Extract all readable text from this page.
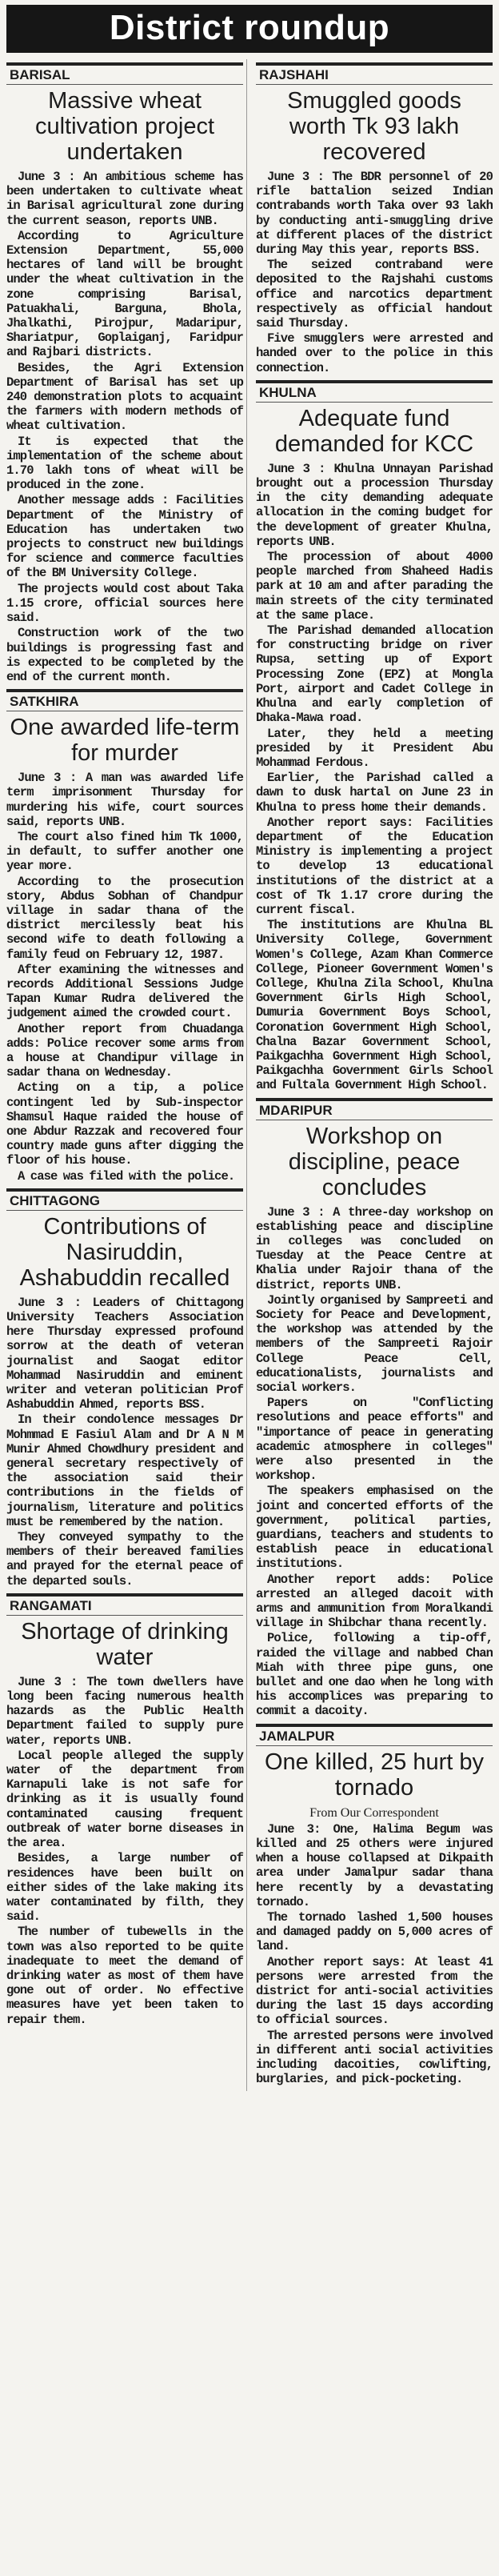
District roundup
BARISAL
Massive wheat cultivation project undertaken

June 3 : An ambitious scheme has been undertaken to cultivate wheat in Barisal agricultural zone during the current season, reports UNB.

According to Agriculture Extension Department, 55,000 hectares of land will be brought under the wheat cultivation in the zone comprising Barisal, Patuakhali, Barguna, Bhola, Jhalkathi, Pirojpur, Madaripur, Shariatpur, Goplaiganj, Faridpur and Rajbari districts.

Besides, the Agri Extension Department of Barisal has set up 240 demonstration plots to acquaint the farmers with modern methods of wheat cultivation.

It is expected that the implementation of the scheme about 1.70 lakh tons of wheat will be produced in the zone.

Another message adds : Facilities Department of the Ministry of Education has undertaken two projects to construct new buildings for science and commerce faculties of the BM University College.

The projects would cost about Taka 1.15 crore, official sources here said.

Construction work of the two buildings is progressing fast and is expected to be completed by the end of the current month.

SATKHIRA
One awarded life-term for murder

June 3 : A man was awarded life term imprisonment Thursday for murdering his wife, court sources said, reports UNB.

The court also fined him Tk 1000, in default, to suffer another one year more.

According to the prosecution story, Abdus Sobhan of Chandpur village in sadar thana of the district mercilessly beat his second wife to death following a family feud on February 12, 1987.

After examining the witnesses and records Additional Sessions Judge Tapan Kumar Rudra delivered the judgement aimed the crowded court.

Another report from Chuadanga adds: Police recover some arms from a house at Chandipur village in sadar thana on Wednesday.

Acting on a tip, a police contingent led by Sub-inspector Shamsul Haque raided the house of one Abdur Razzak and recovered four country made guns after digging the floor of his house.

A case was filed with the police.

CHITTAGONG
Contributions of Nasiruddin, Ashabuddin recalled

June 3 : Leaders of Chittagong University Teachers Association here Thursday expressed profound sorrow at the death of veteran journalist and Saogat editor Mohammad Nasiruddin and eminent writer and veteran politician Prof Ashabuddin Ahmed, reports BSS.

In their condolence messages Dr Mohmmad E Fasiul Alam and Dr A N M Munir Ahmed Chowdhury president and general secretary respectively of the association said their contributions in the fields of journalism, literature and politics must be remembered by the nation.

They conveyed sympathy to the members of their bereaved families and prayed for the eternal peace of the departed souls.

RANGAMATI
Shortage of drinking water

June 3 : The town dwellers have long been facing numerous health hazards as the Public Health Department failed to supply pure water, reports UNB.

Local people alleged the supply water of the department from Karnapuli lake is not safe for drinking as it is usually found contaminated causing frequent outbreak of water borne diseases in the area.

Besides, a large number of residences have been built on either sides of the lake making its water contaminated by filth, they said.

The number of tubewells in the town was also reported to be quite inadequate to meet the demand of drinking water as most of them have gone out of order. No effective measures have yet been taken to repair them.

RAJSHAHI
Smuggled goods worth Tk 93 lakh recovered

June 3 : The BDR personnel of 20 rifle battalion seized Indian contrabands worth Taka over 93 lakh by conducting anti-smuggling drive at different places of the district during May this year, reports BSS.

The seized contraband were deposited to the Rajshahi customs office and narcotics department respectively as official handout said Thursday.

Five smugglers were arrested and handed over to the police in this connection.

KHULNA
Adequate fund demanded for KCC

June 3 : Khulna Unnayan Parishad brought out a procession Thursday in the city demanding adequate allocation in the coming budget for the development of greater Khulna, reports UNB.

The procession of about 4000 people marched from Shaheed Hadis park at 10 am and after parading the main streets of the city terminated at the same place.

The Parishad demanded allocation for constructing bridge on river Rupsa, setting up of Export Processing Zone (EPZ) at Mongla Port, airport and Cadet College in Khulna and early completion of Dhaka-Mawa road.

Later, they held a meeting presided by it President Abu Mohammad Ferdous.

Earlier, the Parishad called a dawn to dusk hartal on June 23 in Khulna to press home their demands.

Another report says: Facilities department of the Education Ministry is implementing a project to develop 13 educational institutions of the district at a cost of Tk 1.17 crore during the current fiscal.

The institutions are Khulna BL University College, Government Women's College, Azam Khan Commerce College, Pioneer Government Women's College, Khulna Zila School, Khulna Government Girls High School, Dumuria Government Boys School, Coronation Government High School, Chalna Bazar Government School, Paikgachha Government High School, Paikgachha Government Girls School and Fultala Government High School.

MDARIPUR
Workshop on discipline, peace concludes

June 3 : A three-day workshop on establishing peace and discipline in colleges was concluded on Tuesday at the Peace Centre at Khalia under Rajoir thana of the district, reports UNB.

Jointly organised by Sampreeti and Society for Peace and Development, the workshop was attended by the members of the Sampreeti Rajoir College Peace Cell, educationalists, journalists and social workers.

Papers on "Conflicting resolutions and peace efforts" and "importance of peace in generating academic atmosphere in colleges" were also presented in the workshop.

The speakers emphasised on the joint and concerted efforts of the government, political parties, guardians, teachers and students to establish peace in educational institutions.

Another report adds: Police arrested an alleged dacoit with arms and ammunition from Moralkandi village in Shibchar thana recently.

Police, following a tip-off, raided the village and nabbed Chan Miah with three pipe guns, one bullet and one dao when he long with his accomplices was preparing to commit a dacoity.

JAMALPUR
One killed, 25 hurt by tornado
From Our Correspondent

June 3: One, Halima Begum was killed and 25 others were injured when a house collapsed at Dikpaith area under Jamalpur sadar thana here recently by a devastating tornado.

The tornado lashed 1,500 houses and damaged paddy on 5,000 acres of land.

Another report says: At least 41 persons were arrested from the district for anti-social activities during the last 15 days according to official sources.

The arrested persons were involved in different anti social activities including dacoities, cowlifting, burglaries, and pick-pocketing.
